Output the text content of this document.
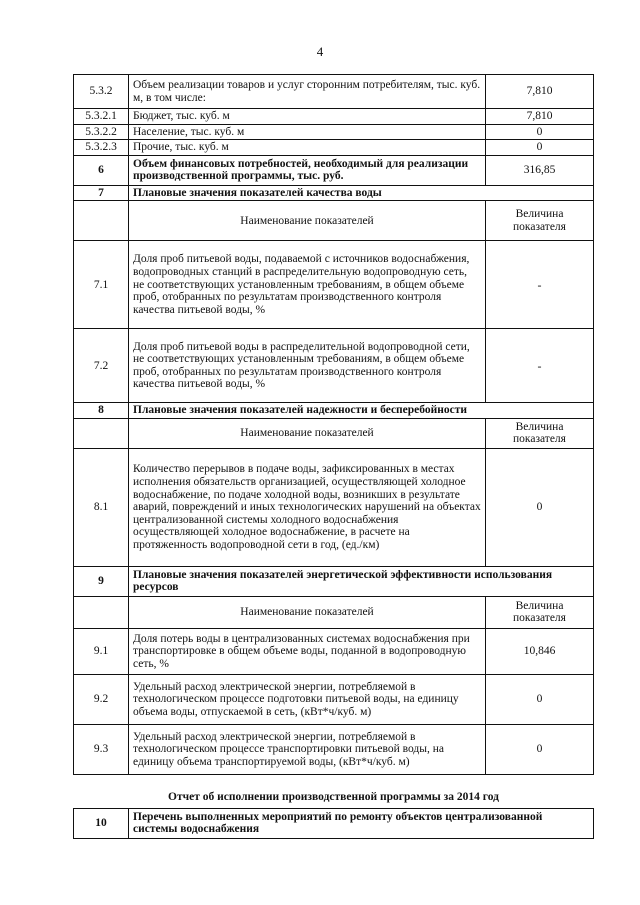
4
5.3.2	Объем реализации товаров и услуг сторонним потребителям, тыс. куб. м, в том числе:	7,810
5.3.2.1	Бюджет, тыс. куб. м	7,810
5.3.2.2	Население, тыс. куб. м	0
5.3.2.3	Прочие, тыс. куб. м	0
6	Объем финансовых потребностей, необходимый для реализации производственной программы, тыс. руб.	316,85
7	Плановые значения показателей качества воды	
	Наименование показателей	Величина показателя
7.1	Доля проб питьевой воды, подаваемой с источников водоснабжения, водопроводных станций в распределительную водопроводную сеть, не соответствующих установленным требованиям, в общем объеме проб, отобранных по результатам производственного контроля качества питьевой воды, %	-
7.2	Доля проб питьевой воды в распределительной водопроводной сети, не соответствующих установленным требованиям, в общем объеме проб, отобранных по результатам производственного контроля качества питьевой воды, %	-
8	Плановые значения показателей надежности и бесперебойности	
	Наименование показателей	Величина показателя
8.1	Количество перерывов в подаче воды, зафиксированных в местах исполнения обязательств организацией, осуществляющей холодное водоснабжение, по подаче холодной воды, возникших в результате аварий, повреждений и иных технологических нарушений на объектах централизованной системы холодного водоснабжения осуществляющей холодное водоснабжение, в расчете на протяженность водопроводной сети в год, (ед./км)	0
9	Плановые значения показателей энергетической эффективности использования ресурсов	
	Наименование показателей	Величина показателя
9.1	Доля потерь воды в централизованных системах водоснабжения при транспортировке в общем объеме воды, поданной в водопроводную сеть, %	10,846
9.2	Удельный расход электрической энергии, потребляемой в технологическом процессе подготовки питьевой воды, на единицу объема воды, отпускаемой в сеть, (кВт*ч/куб. м)	0
9.3	Удельный расход электрической энергии, потребляемой в технологическом процессе транспортировки питьевой воды, на единицу объема транспортируемой воды, (кВт*ч/куб. м)	0
Отчет об исполнении производственной программы за 2014 год		
10	Перечень выполненных мероприятий по ремонту объектов централизованной системы водоснабжения	
